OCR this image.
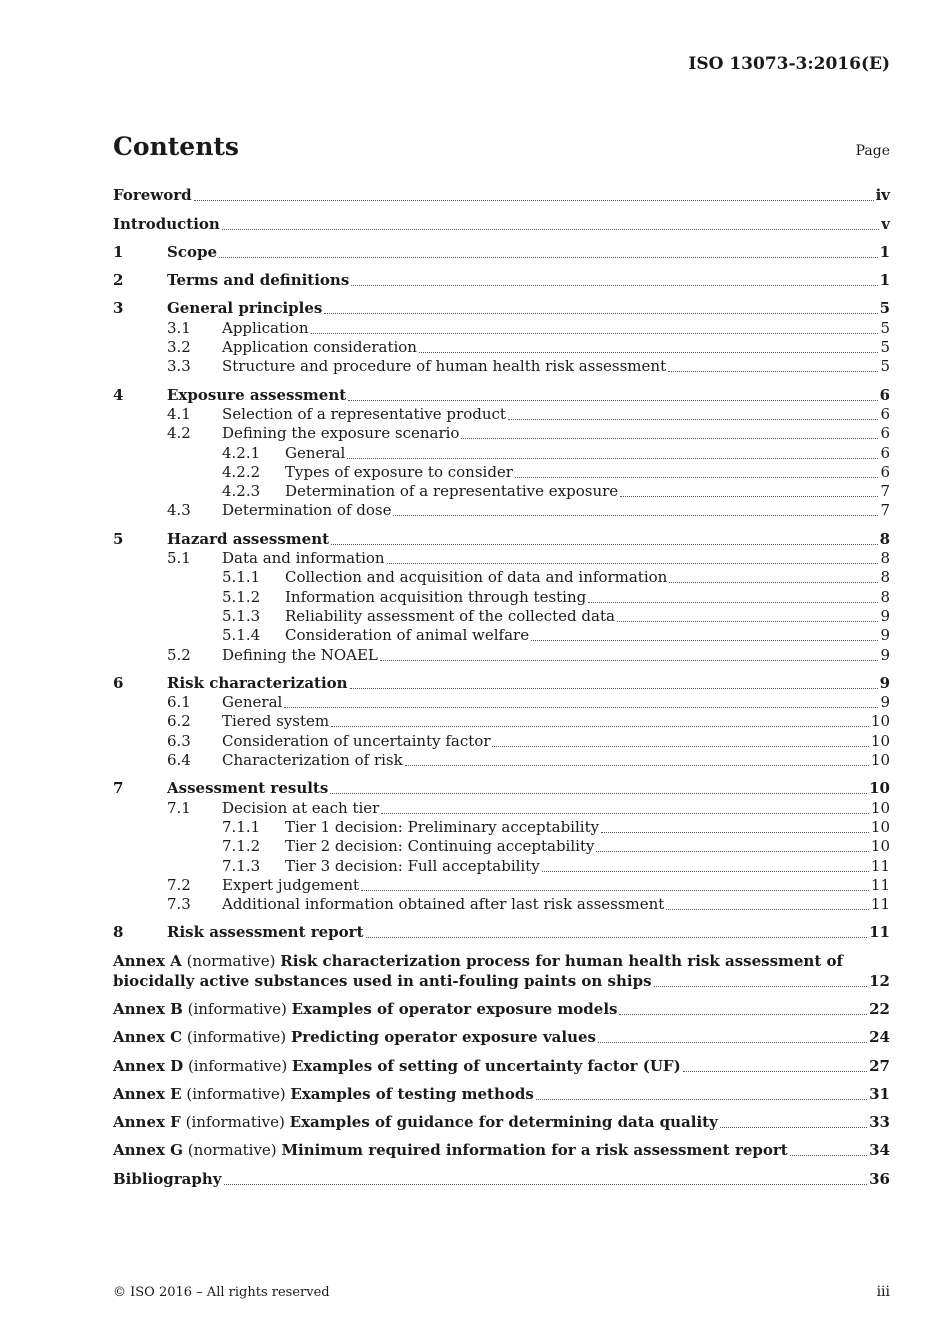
ISO 13073-3:2016(E)
Contents	Page
Foreword	iv
Introduction	v
1	Scope	1
2	Terms and definitions	1
3	General principles	5
3.1	Application	5
3.2	Application consideration	5
3.3	Structure and procedure of human health risk assessment	5
4	Exposure assessment	6
4.1	Selection of a representative product	6
4.2	Defining the exposure scenario	6
4.2.1	General	6
4.2.2	Types of exposure to consider	6
4.2.3	Determination of a representative exposure	7
4.3	Determination of dose	7
5	Hazard assessment	8
5.1	Data and information	8
5.1.1	Collection and acquisition of data and information	8
5.1.2	Information acquisition through testing	8
5.1.3	Reliability assessment of the collected data	9
5.1.4	Consideration of animal welfare	9
5.2	Defining the NOAEL	9
6	Risk characterization	9
6.1	General	9
6.2	Tiered system	10
6.3	Consideration of uncertainty factor	10
6.4	Characterization of risk	10
7	Assessment results	10
7.1	Decision at each tier	10
7.1.1	Tier 1 decision: Preliminary acceptability	10
7.1.2	Tier 2 decision: Continuing acceptability	10
7.1.3	Tier 3 decision: Full acceptability	11
7.2	Expert judgement	11
7.3	Additional information obtained after last risk assessment	11
8	Risk assessment report	11
Annex A
(normative)
Risk characterization process for human health risk assessment of
biocidally active substances used in anti-fouling paints on ships	12
Annex B (informative) Examples of operator exposure models	22
Annex C (informative) Predicting operator exposure values	24
Annex D (informative) Examples of setting of uncertainty factor (UF)	27
Annex E (informative) Examples of testing methods	31
Annex F (informative) Examples of guidance for determining data quality	33
Annex G (normative) Minimum required information for a risk assessment report	34
Bibliography	36
© ISO 2016 – All rights reserved	iii
